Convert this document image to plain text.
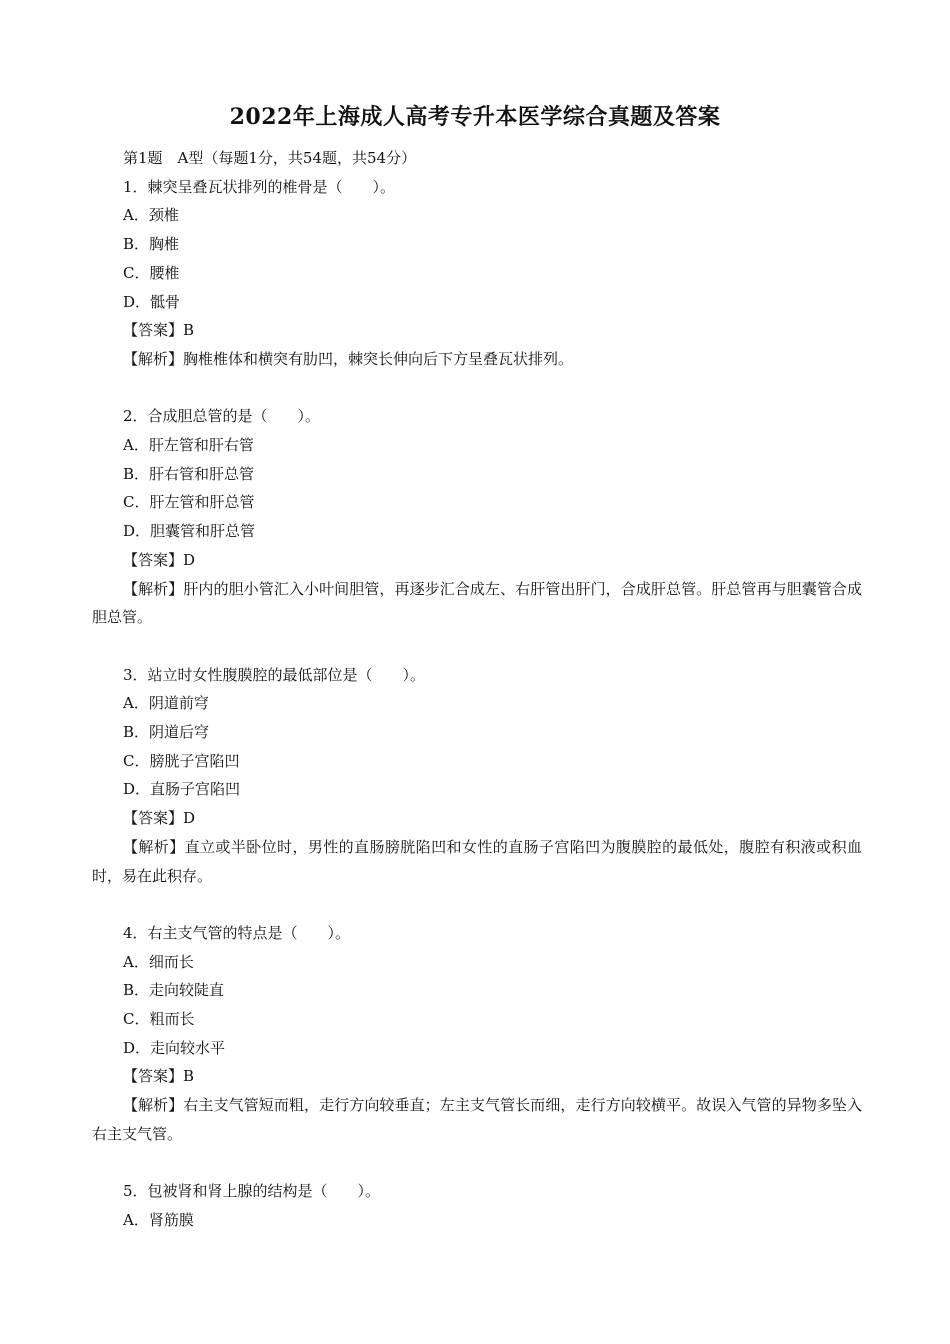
2022年上海成人高考专升本医学综合真题及答案
第1题　A型（每题1分，共54题，共54分）
1．棘突呈叠瓦状排列的椎骨是（　　）。
A．颈椎
B．胸椎
C．腰椎
D．骶骨
【答案】B
【解析】胸椎椎体和横突有肋凹，棘突长伸向后下方呈叠瓦状排列。
2．合成胆总管的是（　　）。
A．肝左管和肝右管
B．肝右管和肝总管
C．肝左管和肝总管
D．胆囊管和肝总管
【答案】D
【解析】肝内的胆小管汇入小叶间胆管，再逐步汇合成左、右肝管出肝门，合成肝总管。肝总管再与胆囊管合成胆总管。
3．站立时女性腹膜腔的最低部位是（　　）。
A．阴道前穹
B．阴道后穹
C．膀胱子宫陷凹
D．直肠子宫陷凹
【答案】D
【解析】直立或半卧位时，男性的直肠膀胱陷凹和女性的直肠子宫陷凹为腹膜腔的最低处，腹腔有积液或积血时，易在此积存。
4．右主支气管的特点是（　　）。
A．细而长
B．走向较陡直
C．粗而长
D．走向较水平
【答案】B
【解析】右主支气管短而粗，走行方向较垂直；左主支气管长而细，走行方向较横平。故误入气管的异物多坠入右主支气管。
5．包被肾和肾上腺的结构是（　　）。
A．肾筋膜
